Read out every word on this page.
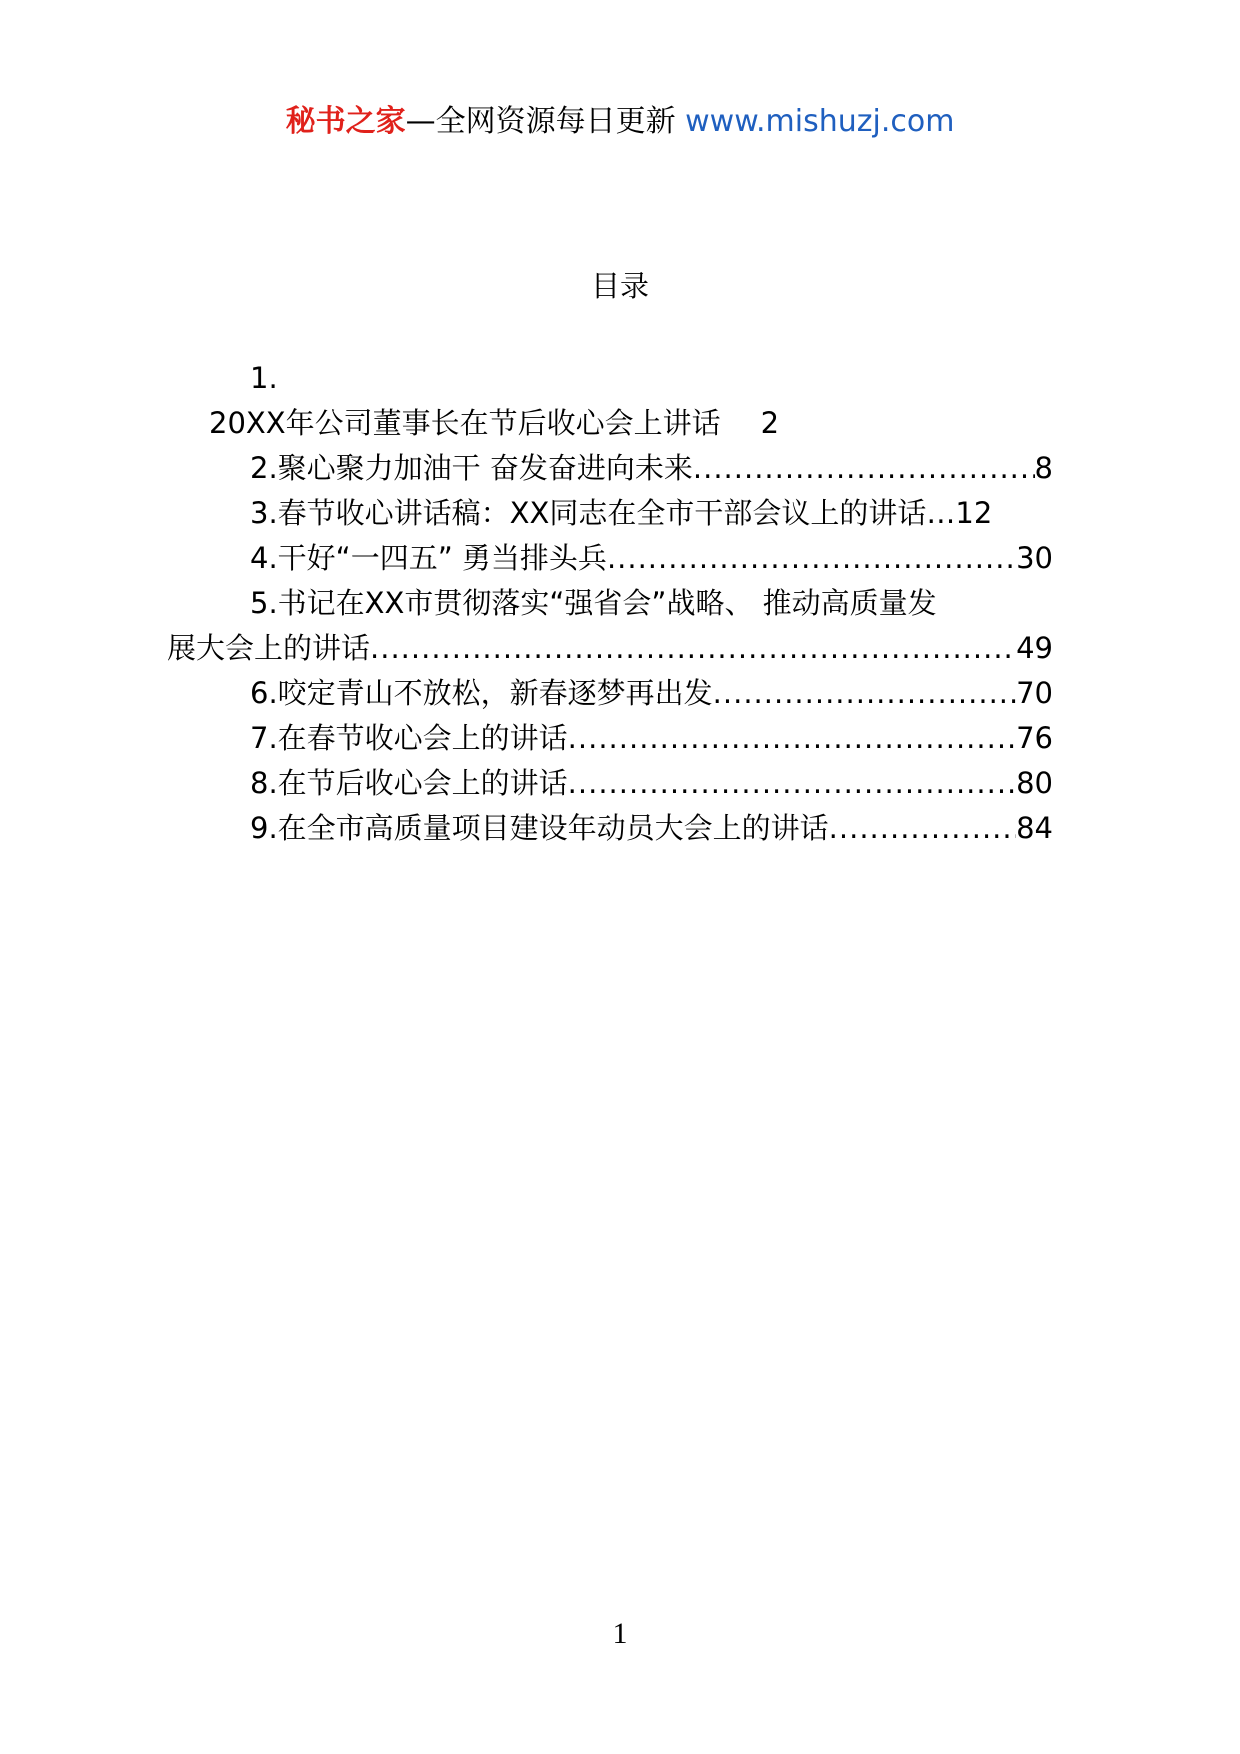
秘书之家—全网资源每日更新 www.mishuzj.com
目录
1.
20XX年公司董事长在节后收心会上讲话 2
2.聚心聚力加油干 奋发奋进向未来 .....	8
3.春节收心讲话稿：XX同志在全市干部会议上的讲话… 12
4.干好“一四五” 勇当排头兵 .....	30
5.书记在XX市贯彻落实“强省会”战略、 推动高质量发
展大会上的讲话 .....	49
6.咬定青山不放松，新春逐梦再出发 .....	70
7.在春节收心会上的讲话 .....	76
8.在节后收心会上的讲话 .....	80
9.在全市高质量项目建设年动员大会上的讲话 .....	84
1
